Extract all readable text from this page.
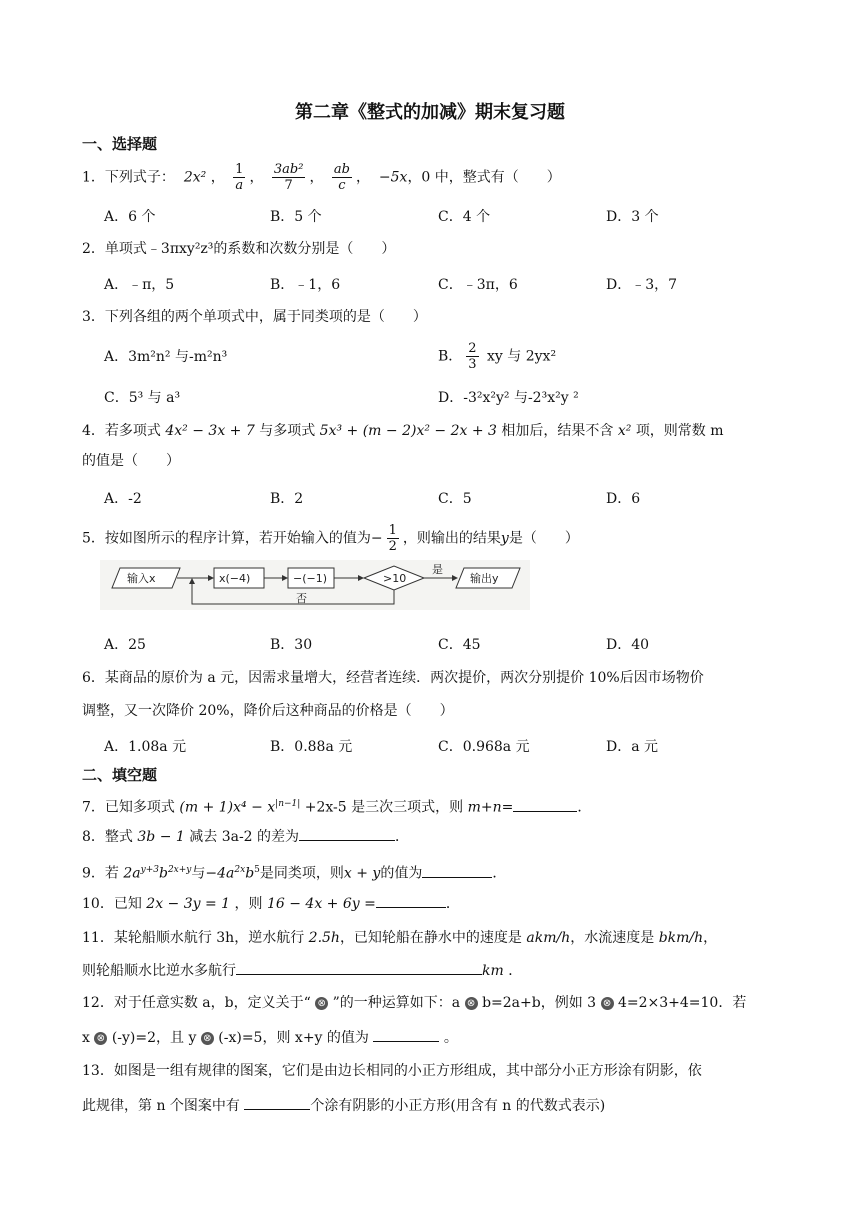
第二章《整式的加减》期末复习题
一、选择题
1．下列式子： 2x² ， $\frac{1}{a}$ ， $\frac{\text{3ab²}}{7}$ ， $\frac{ab}{c}$ ，  −5x，0 中，整式有（　　）
A．6 个	B．5 个	C．4 个	D．3 个
2．单项式﹣3πxy²z³的系数和次数分别是（　　）
A．﹣π，5	B．﹣1，6	C．﹣3π，6	D．﹣3，7
3．下列各组的两个单项式中，属于同类项的是（　　）
A．3m²n² 与-m²n³	B． $\frac{2}{3}$ xy 与 2yx²
C．5³ 与 a³	D．-3²x²y² 与-2³x²y ²
4．若多项式 4x² − 3x + 7 与多项式 5x³ + (m − 2)x² − 2x + 3 相加后，结果不含 x² 项，则常数 m
的值是（　　）
A．-2	B．2	C．5	D．6
5．按如图所示的程序计算，若开始输入的值为− $\frac{1}{2}$ ，则输出的结果y是（　　）
输入x	x(−4)	−(−1)	>10
是
输出y
否
A．25	B．30	C．45	D．40
6．某商品的原价为 a 元，因需求量增大，经营者连续．两次提价，两次分别提价 10%后因市场物价
调整，又一次降价 20%，降价后这种商品的价格是（　　）
A．1.08a 元	B．0.88a 元	C．0.968a 元	D．a 元
二、填空题
7．已知多项式 $(m + 1)x^4 - x^{|n-1|} +2x-5$ 是三次三项式，则 m+n=	．
8．整式 3b − 1 减去 3a-2 的差为	．
9．若 $2a^{y+3}b^{2x+y}$与$-4a^{2x}b^5$是同类项，则x + y的值为	．
10．已知 2x − 3y = 1 ，则 16 − 4x + 6y =	．
11．某轮船顺水航行 3h，逆水航行 2.5h，已知轮船在静水中的速度是 akm/h，水流速度是 bkm/h，
则轮船顺水比逆水多航行	km ．
12．对于任意实数 a，b，定义关于“ ⊗ ”的一种运算如下：a ⊗ b=2a+b，例如 3 ⊗ 4=2×3+4=10．若
x ⊗ (-y)=2，且 y ⊗ (-x)=5，则 x+y 的值为	。
13．如图是一组有规律的图案，它们是由边长相同的小正方形组成，其中部分小正方形涂有阴影，依
此规律，第 n 个图案中有	个涂有阴影的小正方形(用含有 n 的代数式表示)
